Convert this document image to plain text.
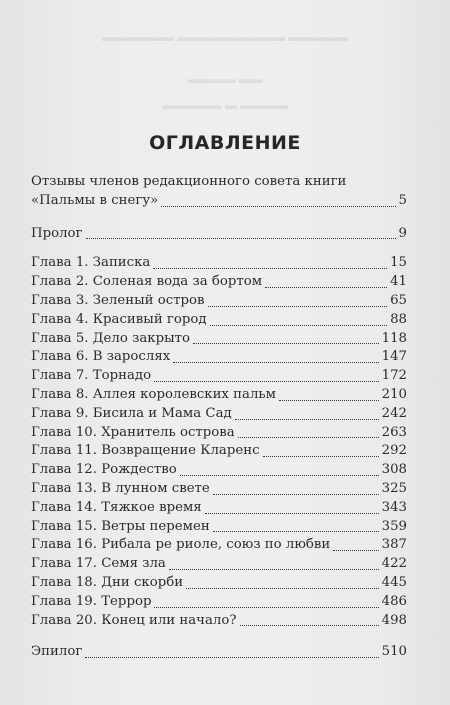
▬▬▬▬▬▬ ▬▬▬▬▬▬▬▬▬ ▬▬▬▬▬
▬▬▬▬ ▬▬
▬▬▬▬▬ ▬ ▬▬▬▬
ОГЛАВЛЕНИЕ
Отзывы членов редакционного совета книги
«Пальмы в снегу»	5
Пролог	9
Глава 1. Записка	15
Глава 2. Соленая вода за бортом	41
Глава 3. Зеленый остров	65
Глава 4. Красивый город	88
Глава 5. Дело закрыто	118
Глава 6. В зарослях	147
Глава 7. Торнадо	172
Глава 8. Аллея королевских пальм	210
Глава 9. Бисила и Мама Сад	242
Глава 10. Хранитель острова	263
Глава 11. Возвращение Кларенс	292
Глава 12. Рождество	308
Глава 13. В лунном свете	325
Глава 14. Тяжкое время	343
Глава 15. Ветры перемен	359
Глава 16. Рибала ре риоле, союз по любви	387
Глава 17. Семя зла	422
Глава 18. Дни скорби	445
Глава 19. Террор	486
Глава 20. Конец или начало?	498
Эпилог	510
